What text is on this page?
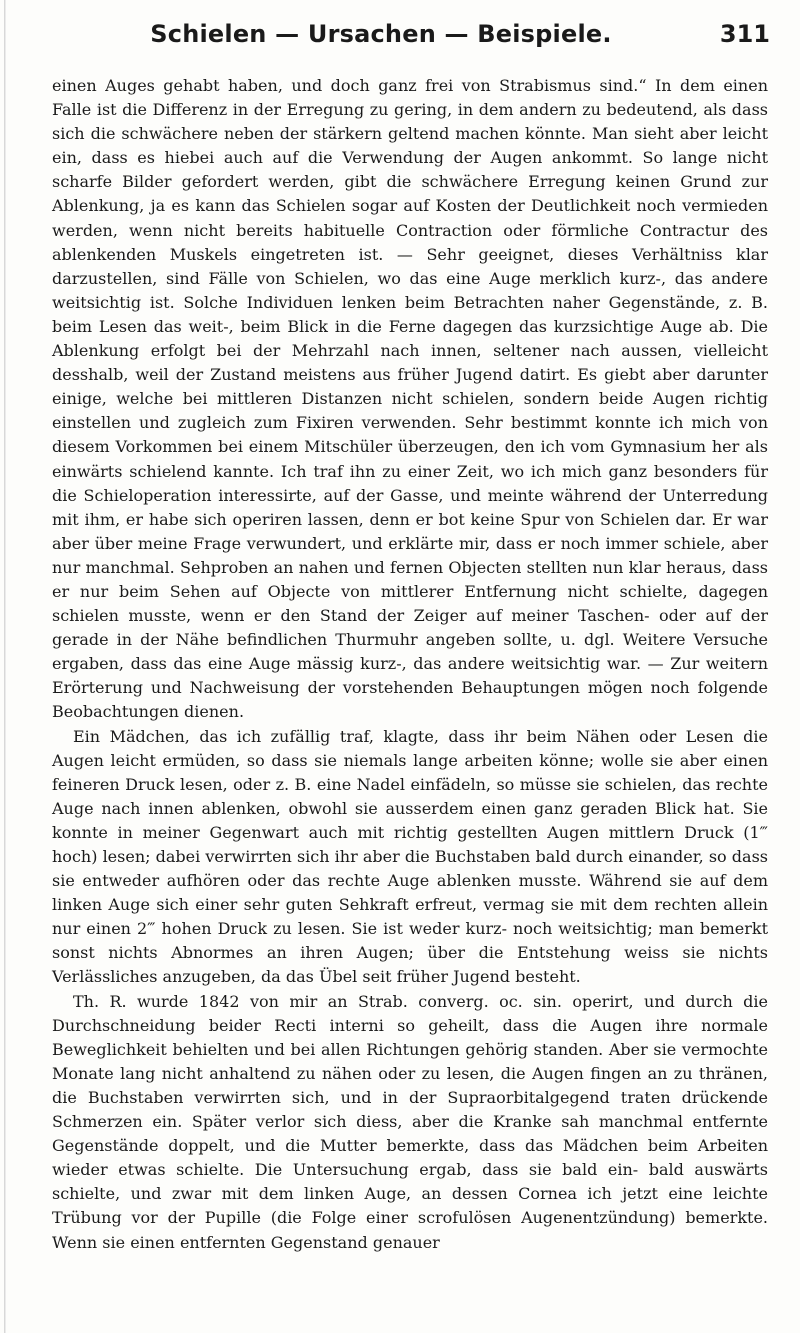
Schielen — Ursachen — Beispiele.	311

einen Auges gehabt haben, und doch ganz frei von Strabismus sind.“ In dem einen Falle ist die Differenz in der Erregung zu gering, in dem andern zu bedeutend, als dass sich die schwächere neben der stärkern geltend machen könnte. Man sieht aber leicht ein, dass es hiebei auch auf die Verwendung der Augen ankommt. So lange nicht scharfe Bilder gefordert werden, gibt die schwächere Erregung keinen Grund zur Ablenkung, ja es kann das Schielen sogar auf Kosten der Deutlichkeit noch vermieden werden, wenn nicht bereits habituelle Contraction oder förmliche Contractur des ablenkenden Muskels eingetreten ist. — Sehr geeignet, dieses Verhältniss klar darzustellen, sind Fälle von Schielen, wo das eine Auge merklich kurz-, das andere weitsichtig ist. Solche Individuen lenken beim Betrachten naher Gegenstände, z. B. beim Lesen das weit-, beim Blick in die Ferne dagegen das kurzsichtige Auge ab. Die Ablenkung erfolgt bei der Mehrzahl nach innen, seltener nach aussen, vielleicht desshalb, weil der Zustand meistens aus früher Jugend datirt. Es giebt aber darunter einige, welche bei mittleren Distanzen nicht schielen, sondern beide Augen richtig einstellen und zugleich zum Fixiren verwenden. Sehr bestimmt konnte ich mich von diesem Vorkommen bei einem Mitschüler überzeugen, den ich vom Gymnasium her als einwärts schielend kannte. Ich traf ihn zu einer Zeit, wo ich mich ganz besonders für die Schieloperation interessirte, auf der Gasse, und meinte während der Unterredung mit ihm, er habe sich operiren lassen, denn er bot keine Spur von Schielen dar. Er war aber über meine Frage verwundert, und erklärte mir, dass er noch immer schiele, aber nur manchmal. Sehproben an nahen und fernen Objecten stellten nun klar heraus, dass er nur beim Sehen auf Objecte von mittlerer Entfernung nicht schielte, dagegen schielen musste, wenn er den Stand der Zeiger auf meiner Taschen- oder auf der gerade in der Nähe befindlichen Thurmuhr angeben sollte, u. dgl. Weitere Versuche ergaben, dass das eine Auge mässig kurz-, das andere weitsichtig war. — Zur weitern Erörterung und Nachweisung der vorstehenden Behauptungen mögen noch folgende Beobachtungen dienen.

Ein Mädchen, das ich zufällig traf, klagte, dass ihr beim Nähen oder Lesen die Augen leicht ermüden, so dass sie niemals lange arbeiten könne; wolle sie aber einen feineren Druck lesen, oder z. B. eine Nadel einfädeln, so müsse sie schielen, das rechte Auge nach innen ablenken, obwohl sie ausserdem einen ganz geraden Blick hat. Sie konnte in meiner Gegenwart auch mit richtig gestellten Augen mittlern Druck (1‴ hoch) lesen; dabei verwirrten sich ihr aber die Buchstaben bald durch einander, so dass sie entweder aufhören oder das rechte Auge ablenken musste. Während sie auf dem linken Auge sich einer sehr guten Sehkraft erfreut, vermag sie mit dem rechten allein nur einen 2‴ hohen Druck zu lesen. Sie ist weder kurz- noch weitsichtig; man bemerkt sonst nichts Abnormes an ihren Augen; über die Entstehung weiss sie nichts Verlässliches anzugeben, da das Übel seit früher Jugend besteht.

Th. R. wurde 1842 von mir an Strab. converg. oc. sin. operirt, und durch die Durchschneidung beider Recti interni so geheilt, dass die Augen ihre normale Beweglichkeit behielten und bei allen Richtungen gehörig standen. Aber sie vermochte Monate lang nicht anhaltend zu nähen oder zu lesen, die Augen fingen an zu thränen, die Buchstaben verwirrten sich, und in der Supraorbitalgegend traten drückende Schmerzen ein. Später verlor sich diess, aber die Kranke sah manchmal entfernte Gegenstände doppelt, und die Mutter bemerkte, dass das Mädchen beim Arbeiten wieder etwas schielte. Die Untersuchung ergab, dass sie bald ein- bald auswärts schielte, und zwar mit dem linken Auge, an dessen Cornea ich jetzt eine leichte Trübung vor der Pupille (die Folge einer scrofulösen Augenentzündung) bemerkte. Wenn sie einen entfernten Gegenstand genauer
